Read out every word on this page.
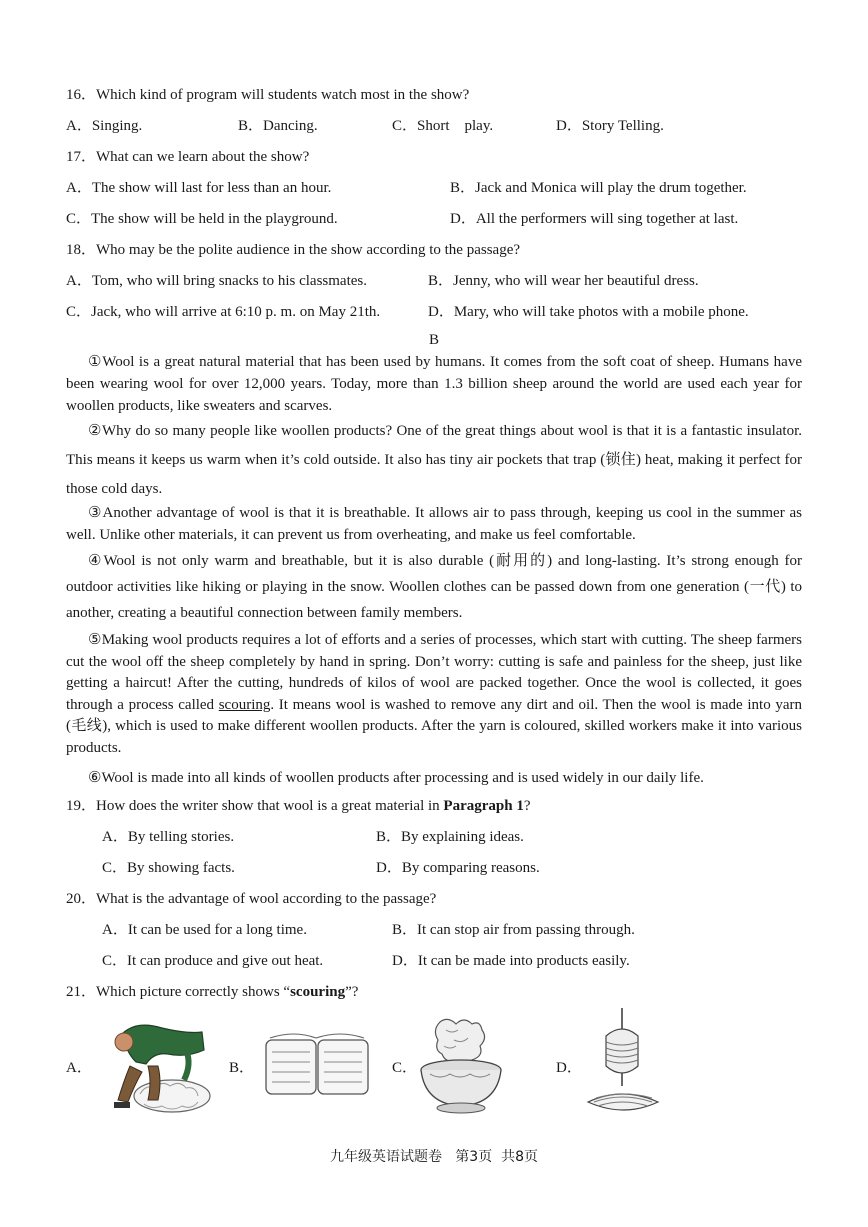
16．Which kind of program will students watch most in the show?
A．Singing.	B．Dancing.	C．Short    play.	D．Story Telling.
17．What can we learn about the show?
A．The show will last for less than an hour.	B．Jack and Monica will play the drum together.
C．The show will be held in the playground.	D．All the performers will sing together at last.
18．Who may be the polite audience in the show according to the passage?
A．Tom, who will bring snacks to his classmates.	B．Jenny, who will wear her beautiful dress.
C．Jack, who will arrive at 6:10 p. m. on May 21th.	D．Mary, who will take photos with a mobile phone.
B
①Wool is a great natural material that has been used by humans. It comes from the soft coat of sheep. Humans have been wearing wool for over 12,000 years. Today, more than 1.3 billion sheep around the world are used each year for woollen products, like sweaters and scarves.
②Why do so many people like woollen products? One of the great things about wool is that it is a fantastic insulator. This means it keeps us warm when it’s cold outside. It also has tiny air pockets that trap (锁住) heat, making it perfect for those cold days.
③Another advantage of wool is that it is breathable. It allows air to pass through, keeping us cool in the summer as well. Unlike other materials, it can prevent us from overheating, and make us feel comfortable.
④Wool is not only warm and breathable, but it is also durable (耐用的) and long-lasting. It’s strong enough for outdoor activities like hiking or playing in the snow. Woollen clothes can be passed down from one generation (一代) to another, creating a beautiful connection between family members.
⑤Making wool products requires a lot of efforts and a series of processes, which start with cutting. The sheep farmers cut the wool off the sheep completely by hand in spring. Don’t worry: cutting is safe and painless for the sheep, just like getting a haircut! After the cutting, hundreds of kilos of wool are packed together. Once the wool is collected, it goes through a process called scouring. It means wool is washed to remove any dirt and oil. Then the wool is made into yarn (毛线), which is used to make different woollen products. After the yarn is coloured, skilled workers make it into various products.
⑥Wool is made into all kinds of woollen products after processing and is used widely in our daily life.
19．How does the writer show that wool is a great material in Paragraph 1?
A．By telling stories.	B．By explaining ideas.
C．By showing facts.	D．By comparing reasons.
20．What is the advantage of wool according to the passage?
A．It can be used for a long time.	B．It can stop air from passing through.
C．It can produce and give out heat.	D．It can be made into products easily.
21．Which picture correctly shows “scouring”?
A．	B．	C．	D．
九年级英语试题卷   第3页  共8页
